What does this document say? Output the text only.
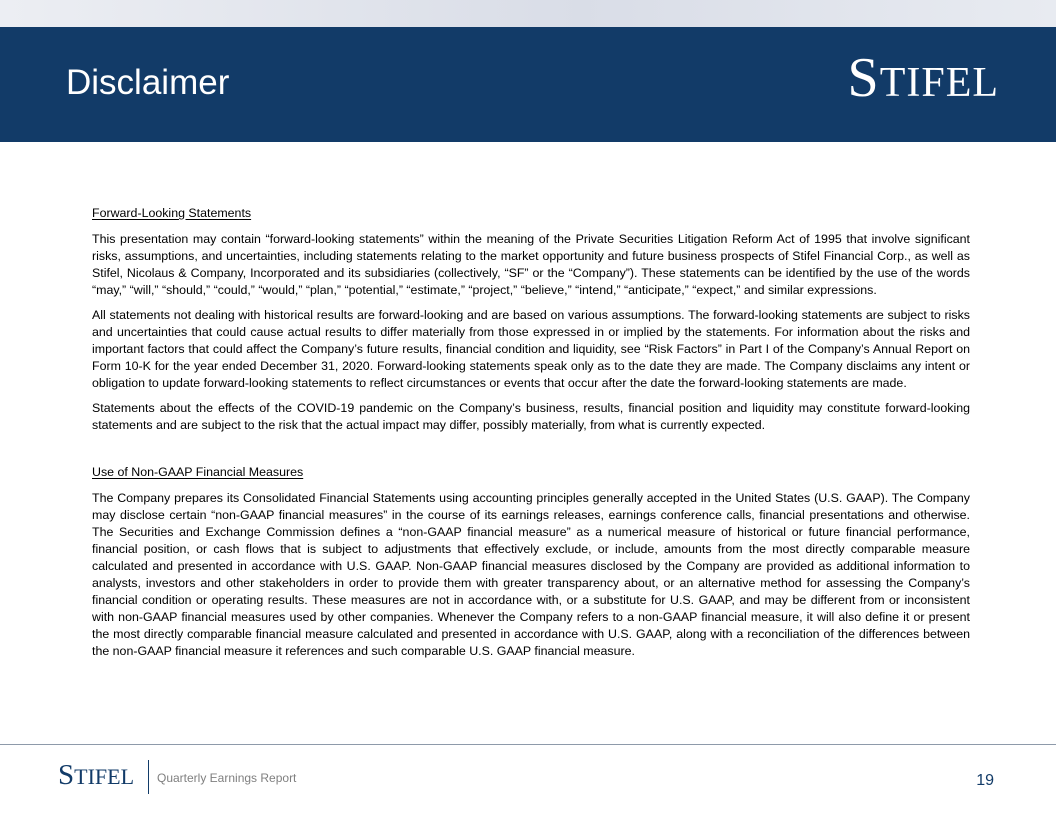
Disclaimer	STIFEL
Forward-Looking Statements

This presentation may contain “forward-looking statements” within the meaning of the Private Securities Litigation Reform Act of 1995 that involve significant risks, assumptions, and uncertainties, including statements relating to the market opportunity and future business prospects of Stifel Financial Corp., as well as Stifel, Nicolaus & Company, Incorporated and its subsidiaries (collectively, “SF” or the “Company”). These statements can be identified by the use of the words “may,” “will,” “should,” “could,” “would,” “plan,” “potential,” “estimate,” “project,” “believe,” “intend,” “anticipate,” “expect,” and similar expressions.

All statements not dealing with historical results are forward-looking and are based on various assumptions. The forward-looking statements are subject to risks and uncertainties that could cause actual results to differ materially from those expressed in or implied by the statements. For information about the risks and important factors that could affect the Company’s future results, financial condition and liquidity, see “Risk Factors” in Part I of the Company’s Annual Report on Form 10-K for the year ended December 31, 2020. Forward-looking statements speak only as to the date they are made. The Company disclaims any intent or obligation to update forward-looking statements to reflect circumstances or events that occur after the date the forward-looking statements are made.

Statements about the effects of the COVID-19 pandemic on the Company’s business, results, financial position and liquidity may constitute forward-looking statements and are subject to the risk that the actual impact may differ, possibly materially, from what is currently expected.

Use of Non-GAAP Financial Measures

The Company prepares its Consolidated Financial Statements using accounting principles generally accepted in the United States (U.S. GAAP). The Company may disclose certain “non-GAAP financial measures” in the course of its earnings releases, earnings conference calls, financial presentations and otherwise. The Securities and Exchange Commission defines a “non-GAAP financial measure” as a numerical measure of historical or future financial performance, financial position, or cash flows that is subject to adjustments that effectively exclude, or include, amounts from the most directly comparable measure calculated and presented in accordance with U.S. GAAP. Non-GAAP financial measures disclosed by the Company are provided as additional information to analysts, investors and other stakeholders in order to provide them with greater transparency about, or an alternative method for assessing the Company’s financial condition or operating results. These measures are not in accordance with, or a substitute for U.S. GAAP, and may be different from or inconsistent with non-GAAP financial measures used by other companies. Whenever the Company refers to a non-GAAP financial measure, it will also define it or present the most directly comparable financial measure calculated and presented in accordance with U.S. GAAP, along with a reconciliation of the differences between the non-GAAP financial measure it references and such comparable U.S. GAAP financial measure.

STIFEL Quarterly Earnings Report	19
